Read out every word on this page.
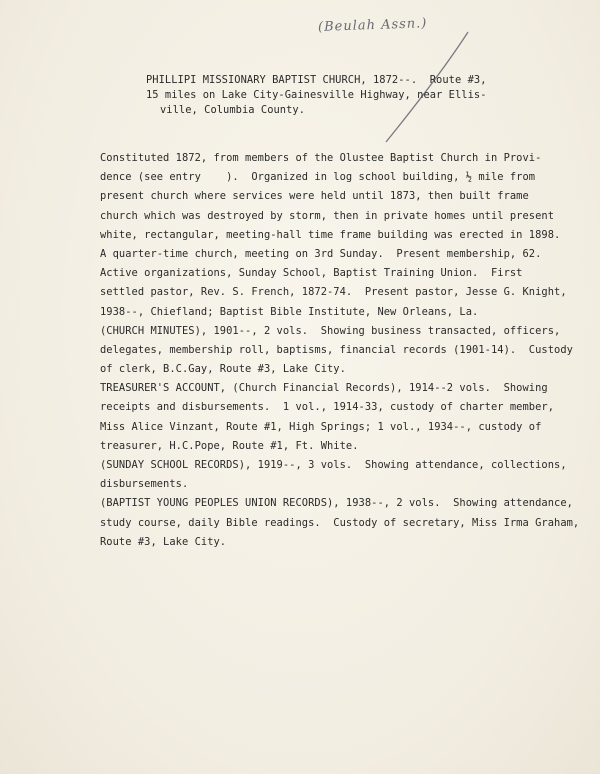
(Beulah Assn.)
PHILLIPI MISSIONARY BAPTIST CHURCH, 1872--.  Route #3,
15 miles on Lake City-Gainesville Highway, near Ellis-
ville, Columbia County.
Constituted 1872, from members of the Olustee Baptist Church in Provi-
dence (see entry    ).  Organized in log school building, ½ mile from
present church where services were held until 1873, then built frame
church which was destroyed by storm, then in private homes until present
white, rectangular, meeting-hall time frame building was erected in 1898.
A quarter-time church, meeting on 3rd Sunday.  Present membership, 62.
Active organizations, Sunday School, Baptist Training Union.  First
settled pastor, Rev. S. French, 1872-74.  Present pastor, Jesse G. Knight,
1938--, Chiefland; Baptist Bible Institute, New Orleans, La.
(CHURCH MINUTES), 1901--, 2 vols.  Showing business transacted, officers,
delegates, membership roll, baptisms, financial records (1901-14).  Custody
of clerk, B.C.Gay, Route #3, Lake City.
TREASURER'S ACCOUNT, (Church Financial Records), 1914--2 vols.  Showing
receipts and disbursements.  1 vol., 1914-33, custody of charter member,
Miss Alice Vinzant, Route #1, High Springs; 1 vol., 1934--, custody of
treasurer, H.C.Pope, Route #1, Ft. White.
(SUNDAY SCHOOL RECORDS), 1919--, 3 vols.  Showing attendance, collections,
disbursements.
(BAPTIST YOUNG PEOPLES UNION RECORDS), 1938--, 2 vols.  Showing attendance,
study course, daily Bible readings.  Custody of secretary, Miss Irma Graham,
Route #3, Lake City.
